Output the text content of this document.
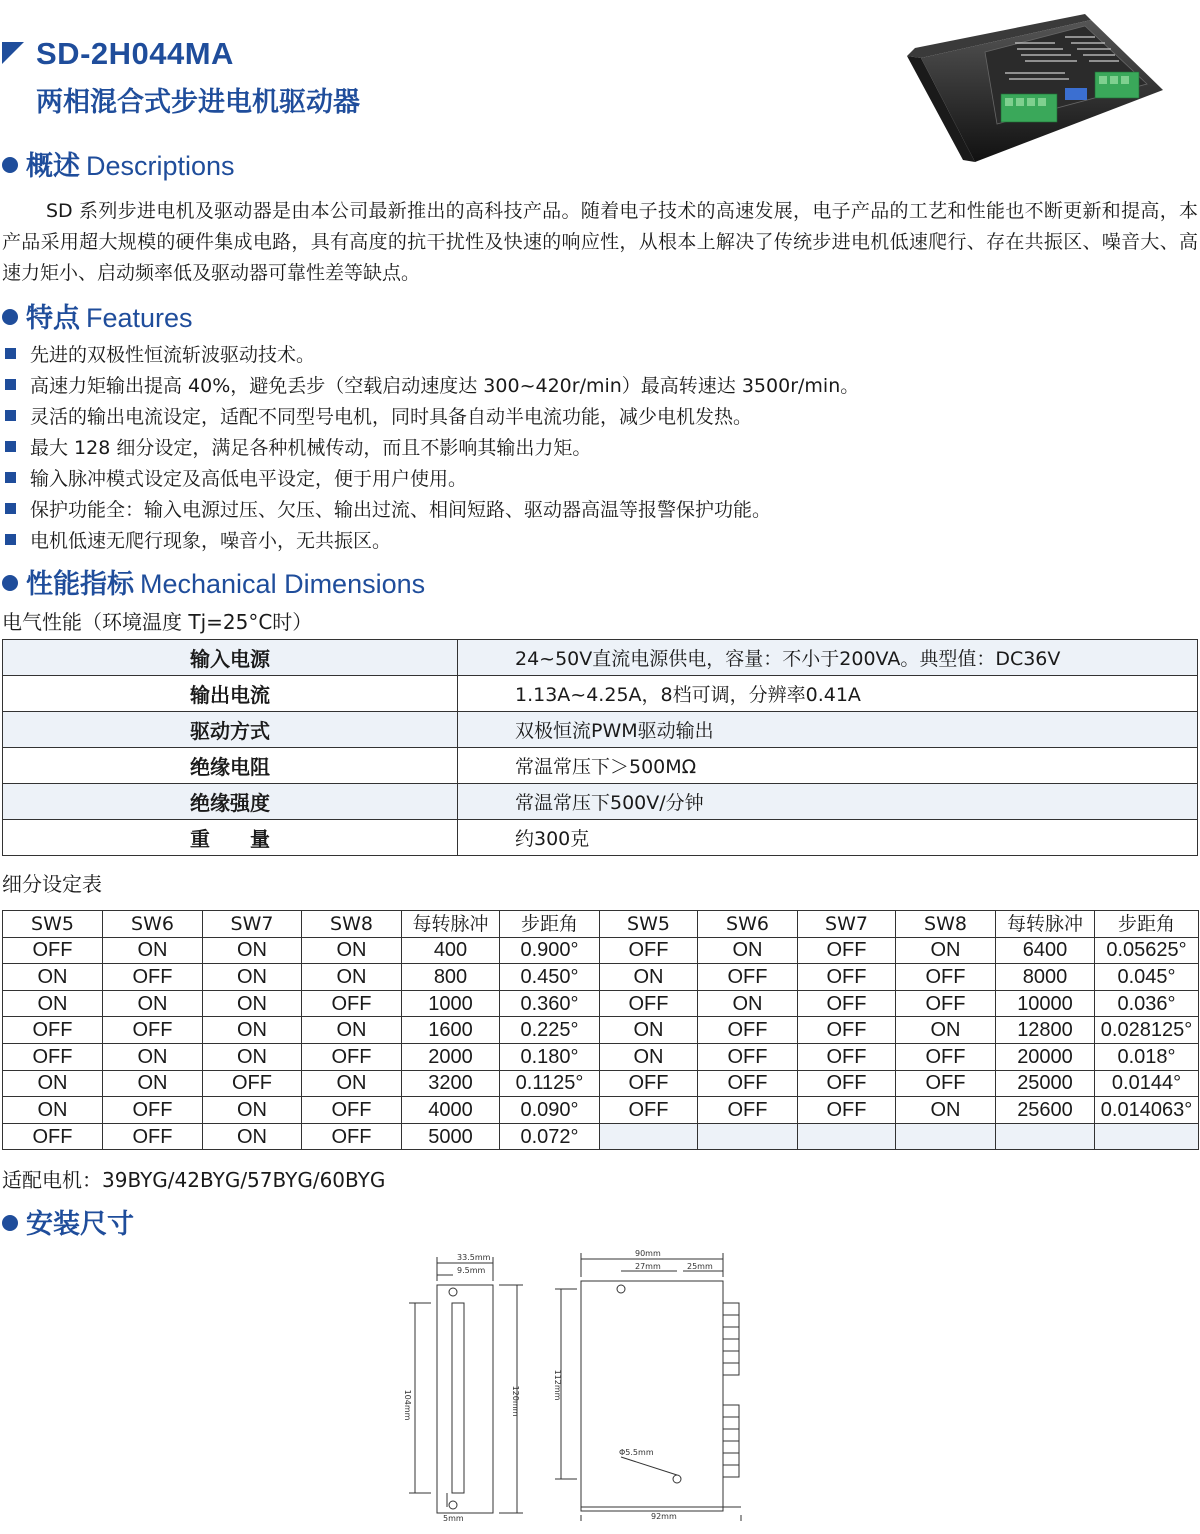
SD-2H044MA
两相混合式步进电机驱动器
概述 Descriptions

SD 系列步进电机及驱动器是由本公司最新推出的高科技产品。随着电子技术的高速发展，电子产品的工艺和性能也不断更新和提高，本产品采用超大规模的硬件集成电路，具有高度的抗干扰性及快速的响应性，从根本上解决了传统步进电机低速爬行、存在共振区、噪音大、高速力矩小、启动频率低及驱动器可靠性差等缺点。

特点 Features
先进的双极性恒流斩波驱动技术。
高速力矩输出提高 40%，避免丢步（空载启动速度达 300~420r/min）最高转速达 3500r/min。
灵活的输出电流设定，适配不同型号电机，同时具备自动半电流功能，减少电机发热。
最大 128 细分设定，满足各种机械传动，而且不影响其输出力矩。
输入脉冲模式设定及高低电平设定，便于用户使用。
保护功能全：输入电源过压、欠压、输出过流、相间短路、驱动器高温等报警保护功能。
电机低速无爬行现象，噪音小，无共振区。
性能指标 Mechanical Dimensions
电气性能（环境温度 Tj=25°C时）
输入电源	24~50V直流电源供电，容量：不小于200VA。典型值：DC36V
输出电流	1.13A~4.25A，8档可调，分辨率0.41A
驱动方式	双极恒流PWM驱动输出
绝缘电阻	常温常压下＞500MΩ
绝缘强度	常温常压下500V/分钟
重量	约300克
细分设定表
SW5	SW6	SW7	SW8	每转脉冲	步距角	SW5	SW6	SW7	SW8	每转脉冲	步距角
OFF	ON	ON	ON	400	0.900°	OFF	ON	OFF	ON	6400	0.05625°
ON	OFF	ON	ON	800	0.450°	ON	OFF	OFF	OFF	8000	0.045°
ON	ON	ON	OFF	1000	0.360°	OFF	ON	OFF	OFF	10000	0.036°
OFF	OFF	ON	ON	1600	0.225°	ON	OFF	OFF	ON	12800	0.028125°
OFF	ON	ON	OFF	2000	0.180°	ON	OFF	OFF	OFF	20000	0.018°
ON	ON	OFF	ON	3200	0.1125°	OFF	OFF	OFF	OFF	25000	0.0144°
ON	OFF	ON	OFF	4000	0.090°	OFF	OFF	OFF	ON	25600	0.014063°
OFF	OFF	ON	OFF	5000	0.072°						
适配电机：39BYG/42BYG/57BYG/60BYG
安装尺寸
33.5mm
9.5mm
104mm	120mm
5mm
90mm
27mm	25mm
112mm
92mm
Φ5.5mm
